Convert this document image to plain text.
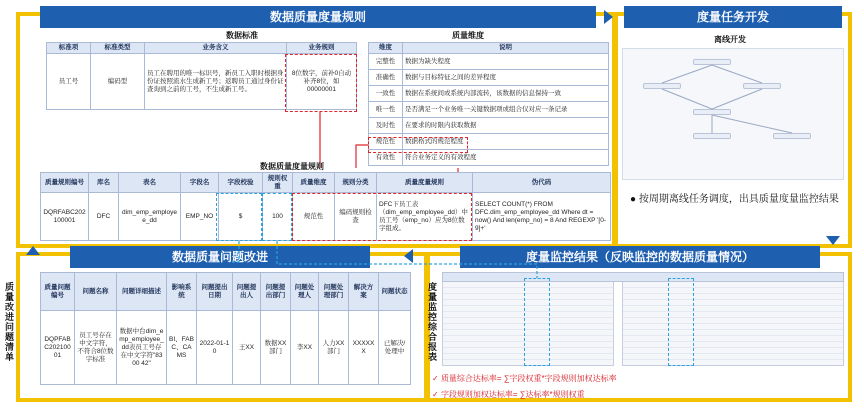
数据质量度量规则	度量任务开发
数据质量问题改进	度量监控结果（反映监控的数据质量情况）
数据标准
标准项	标准类型	业务含义	业务规则
员工号	编码型	员工在聘用的唯一标识号，新员工入职时根据身份证按照流水生成新工号；返聘员工通过身份证查询到之前的工号，不生成新工号。	8位数字，前补0自动补齐8位，如00000001
质量维度
维度	说明
完整性	数据为缺失程度
准确性	数据与目标特征之间的差异程度
一致性	数据在系统间或系统内部流转，该数据的信息保持一致
唯一性	是否满足一个业务唯一关键数据项或组合仅对应一条记录
及时性	在要求的时限内获取数据
规范性	数据格式的规范程度
有效性	符合业务定义的有效程度
数据质量度量规则
质量规则编号	库名	表名	字段名	字段校验	规则权重	质量维度	规则分类	质量度量规则	伪代码
DQRFABC202100001	DFC	dim_emp_employee_dd	EMP_NO	$	100	规范性	编码规则检查	DFC下员工表（dim_emp_employee_dd）中员工号（emp_no）应为8位数字组成。	SELECT COUNT(*) FROM DFC.dim_emp_employee_dd Where dt = now() And len(emp_no) = 8 And REGEXP '[0-9]+'
离线开发
● 按周期离线任务调度，出具质量度量监控结果
质量改进问题清单	质量问题编号	问题名称	问题详细描述	影响系统	问题提出日期	问题提出人	问题提出部门	问题处理人	问题处理部门	解决方案	问题状态
DQPFABC20210001	员工号存在中文字符，不符合8位数字标准	数据中台dim_emp_employee_dd表员工号存在中文字符"8300 42"	BI、FABC、CAMS	2022-01-10	王XX	数据XX部门	李XX	人力XX部门	XXXXXX	已解决/处理中	度量监控综合报表
✓ 质量综合达标率= ∑字段权重*字段规则加权达标率
✓ 字段规则加权达标率= ∑达标率*规则权重
